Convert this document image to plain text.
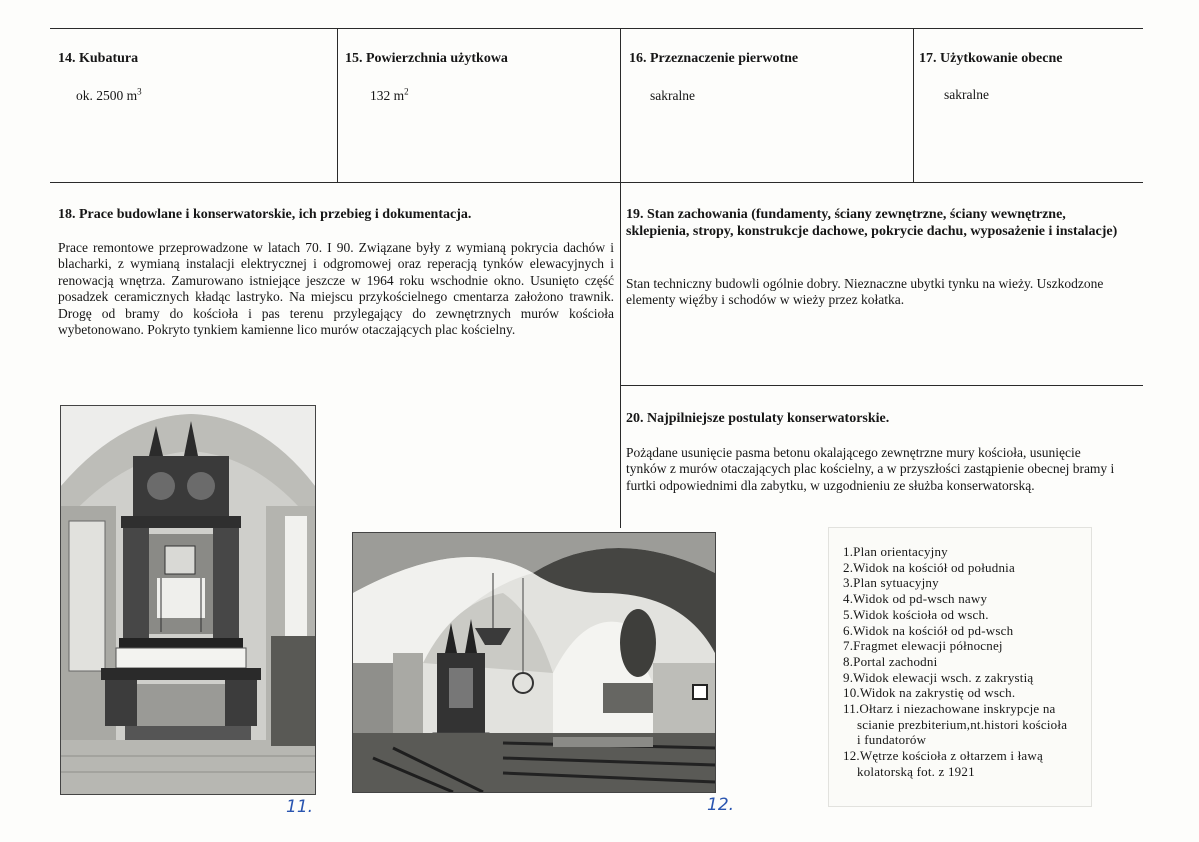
14. Kubatura
ok. 2500 $m^3$
15. Powierzchnia użytkowa
132 $m^2$
16. Przeznaczenie pierwotne
sakralne
17. Użytkowanie obecne
sakralne
18. Prace budowlane i konserwatorskie, ich przebieg i dokumentacja.
Prace remontowe przeprowadzone w latach 70. I 90. Związane były z wymianą pokrycia dachów i blacharki, z wymianą instalacji elektrycznej i odgromowej oraz reperacją tynków elewacyjnych i renowacją wnętrza. Zamurowano istniejące jeszcze w 1964 roku wschodnie okno. Usunięto część posadzek ceramicznych kładąc lastryko. Na miejscu przykościelnego cmentarza założono trawnik. Drogę od bramy do kościoła i pas terenu przylegający do zewnętrznych murów kościoła wybetonowano. Pokryto tynkiem kamienne lico murów otaczających plac kościelny.
19. Stan zachowania (fundamenty, ściany zewnętrzne, ściany wewnętrzne, sklepienia, stropy, konstrukcje dachowe, pokrycie dachu, wyposażenie i instalacje)
Stan techniczny budowli ogólnie dobry. Nieznaczne ubytki tynku na wieży. Uszkodzone elementy więźby i schodów w wieży przez kołatka.
20. Najpilniejsze postulaty konserwatorskie.
Pożądane usunięcie pasma betonu okalającego zewnętrzne mury kościoła, usunięcie tynków z murów otaczających plac kościelny, a w przyszłości zastąpienie obecnej bramy i furtki odpowiednimi dla zabytku, w uzgodnieniu ze służba konserwatorską.
11.	12.
1.Plan orientacyjny
2.Widok na kościół od południa
3.Plan sytuacyjny
4.Widok od pd-wsch nawy
5.Widok kościoła od wsch.
6.Widok na kościół od pd-wsch
7.Fragmet elewacji północnej
8.Portal zachodni
9.Widok elewacji wsch. z zakrystią
10.Widok na zakrystię od wsch.
11.Ołtarz i niezachowane inskrypcje na
scianie prezbiterium,nt.histori kościoła
i fundatorów
12.Wętrze kościoła z ołtarzem i ławą
kolatorską fot. z 1921
